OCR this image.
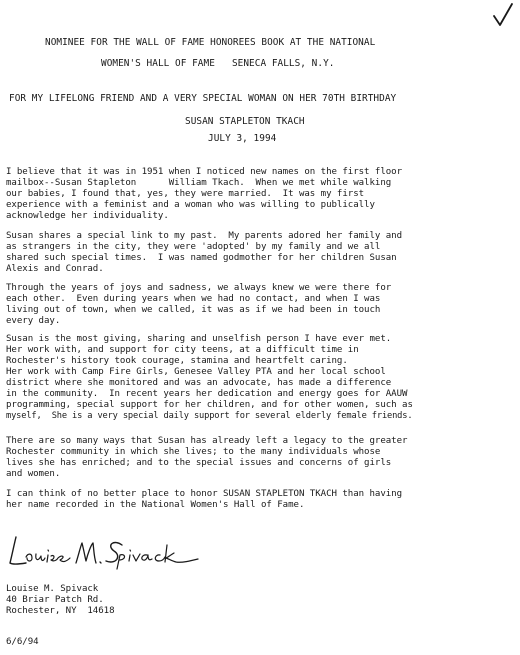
NOMINEE FOR THE WALL OF FAME HONOREES BOOK AT THE NATIONAL
WOMEN'S HALL OF FAME   SENECA FALLS, N.Y.
FOR MY LIFELONG FRIEND AND A VERY SPECIAL WOMAN ON HER 70TH BIRTHDAY
SUSAN STAPLETON TKACH
JULY 3, 1994
I believe that it was in 1951 when I noticed new names on the first floor
mailbox--Susan Stapleton      William Tkach.  When we met while walking
our babies, I found that, yes, they were married.  It was my first
experience with a feminist and a woman who was willing to publically
acknowledge her individuality.
Susan shares a special link to my past.  My parents adored her family and
as strangers in the city, they were 'adopted' by my family and we all
shared such special times.  I was named godmother for her children Susan
Alexis and Conrad.
Through the years of joys and sadness, we always knew we were there for
each other.  Even during years when we had no contact, and when I was
living out of town, when we called, it was as if we had been in touch
every day.
Susan is the most giving, sharing and unselfish person I have ever met.
Her work with, and support for city teens, at a difficult time in
Rochester's history took courage, stamina and heartfelt caring.
Her work with Camp Fire Girls, Genesee Valley PTA and her local school
district where she monitored and was an advocate, has made a difference
in the community.  In recent years her dedication and energy goes for AAUW
programming, special support for her children, and for other women, such as
myself,  She is a very special daily support for several elderly female friends.
There are so many ways that Susan has already left a legacy to the greater
Rochester community in which she lives; to the many individuals whose
lives she has enriched; and to the special issues and concerns of girls
and women.
I can think of no better place to honor SUSAN STAPLETON TKACH than having
her name recorded in the National Women's Hall of Fame.
Louise M. Spivack
40 Briar Patch Rd.
Rochester, NY  14618
6/6/94
